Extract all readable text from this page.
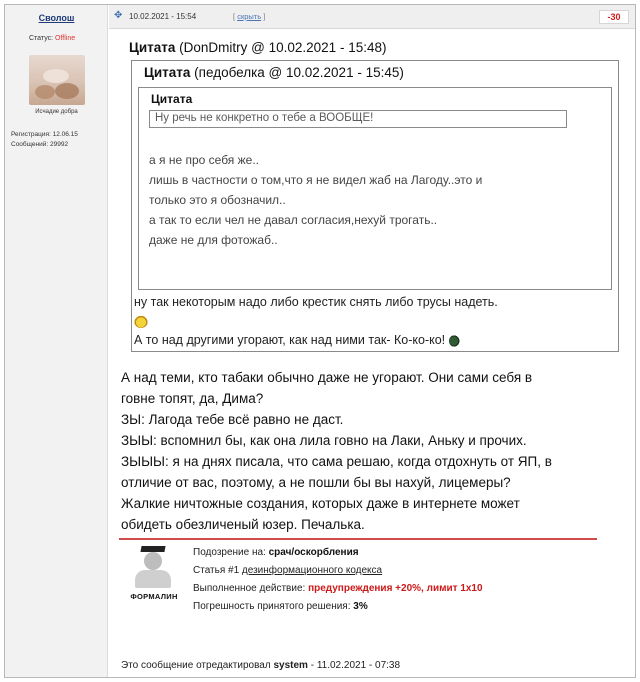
Сволош
Статус: Offline
Исчадие добра
Регистрация: 12.06.15
Сообщений: 29992
✥ 10.02.2021 - 15:54	[ скрыть ]	-30
Цитата (DonDmitry @ 10.02.2021 - 15:48)
Цитата (педобелка @ 10.02.2021 - 15:45)
Цитата
Ну речь не конкретно о тебе а ВООБЩЕ!
а я не про себя же..
лишь в частности о том,что я не видел жаб на Лагоду..это и
только это я обозначил..
а так то если чел не давал согласия,нехуй трогать..
даже не для фотожаб..
ну так некоторым надо либо крестик снять либо трусы надеть.
А то над другими угорают, как над ними так- Ко-ко-ко!
А над теми, кто табаки обычно даже не угорают. Они сами себя в
говне топят, да, Дима?
ЗЫ: Лагода тебе всё равно не даст.
ЗЫЫ: вспомнил бы, как она лила говно на Лаки, Аньку и прочих.
ЗЫЫЫ: я на днях писала, что сама решаю, когда отдохнуть от ЯП, в
отличие от вас, поэтому, а не пошли бы вы нахуй, лицемеры?
Жалкие ничтожные создания, которых даже в интернете может
обидеть обезличеный юзер. Печалька.
ФОРМАЛИН
Подозрение на: срач/оскорбления
Статья #1 дезинформационного кодекса
Выполненное действие: предупреждения +20%, лимит 1x10
Погрешность принятого решения: 3%
Это сообщение отредактировал system - 11.02.2021 - 07:38
